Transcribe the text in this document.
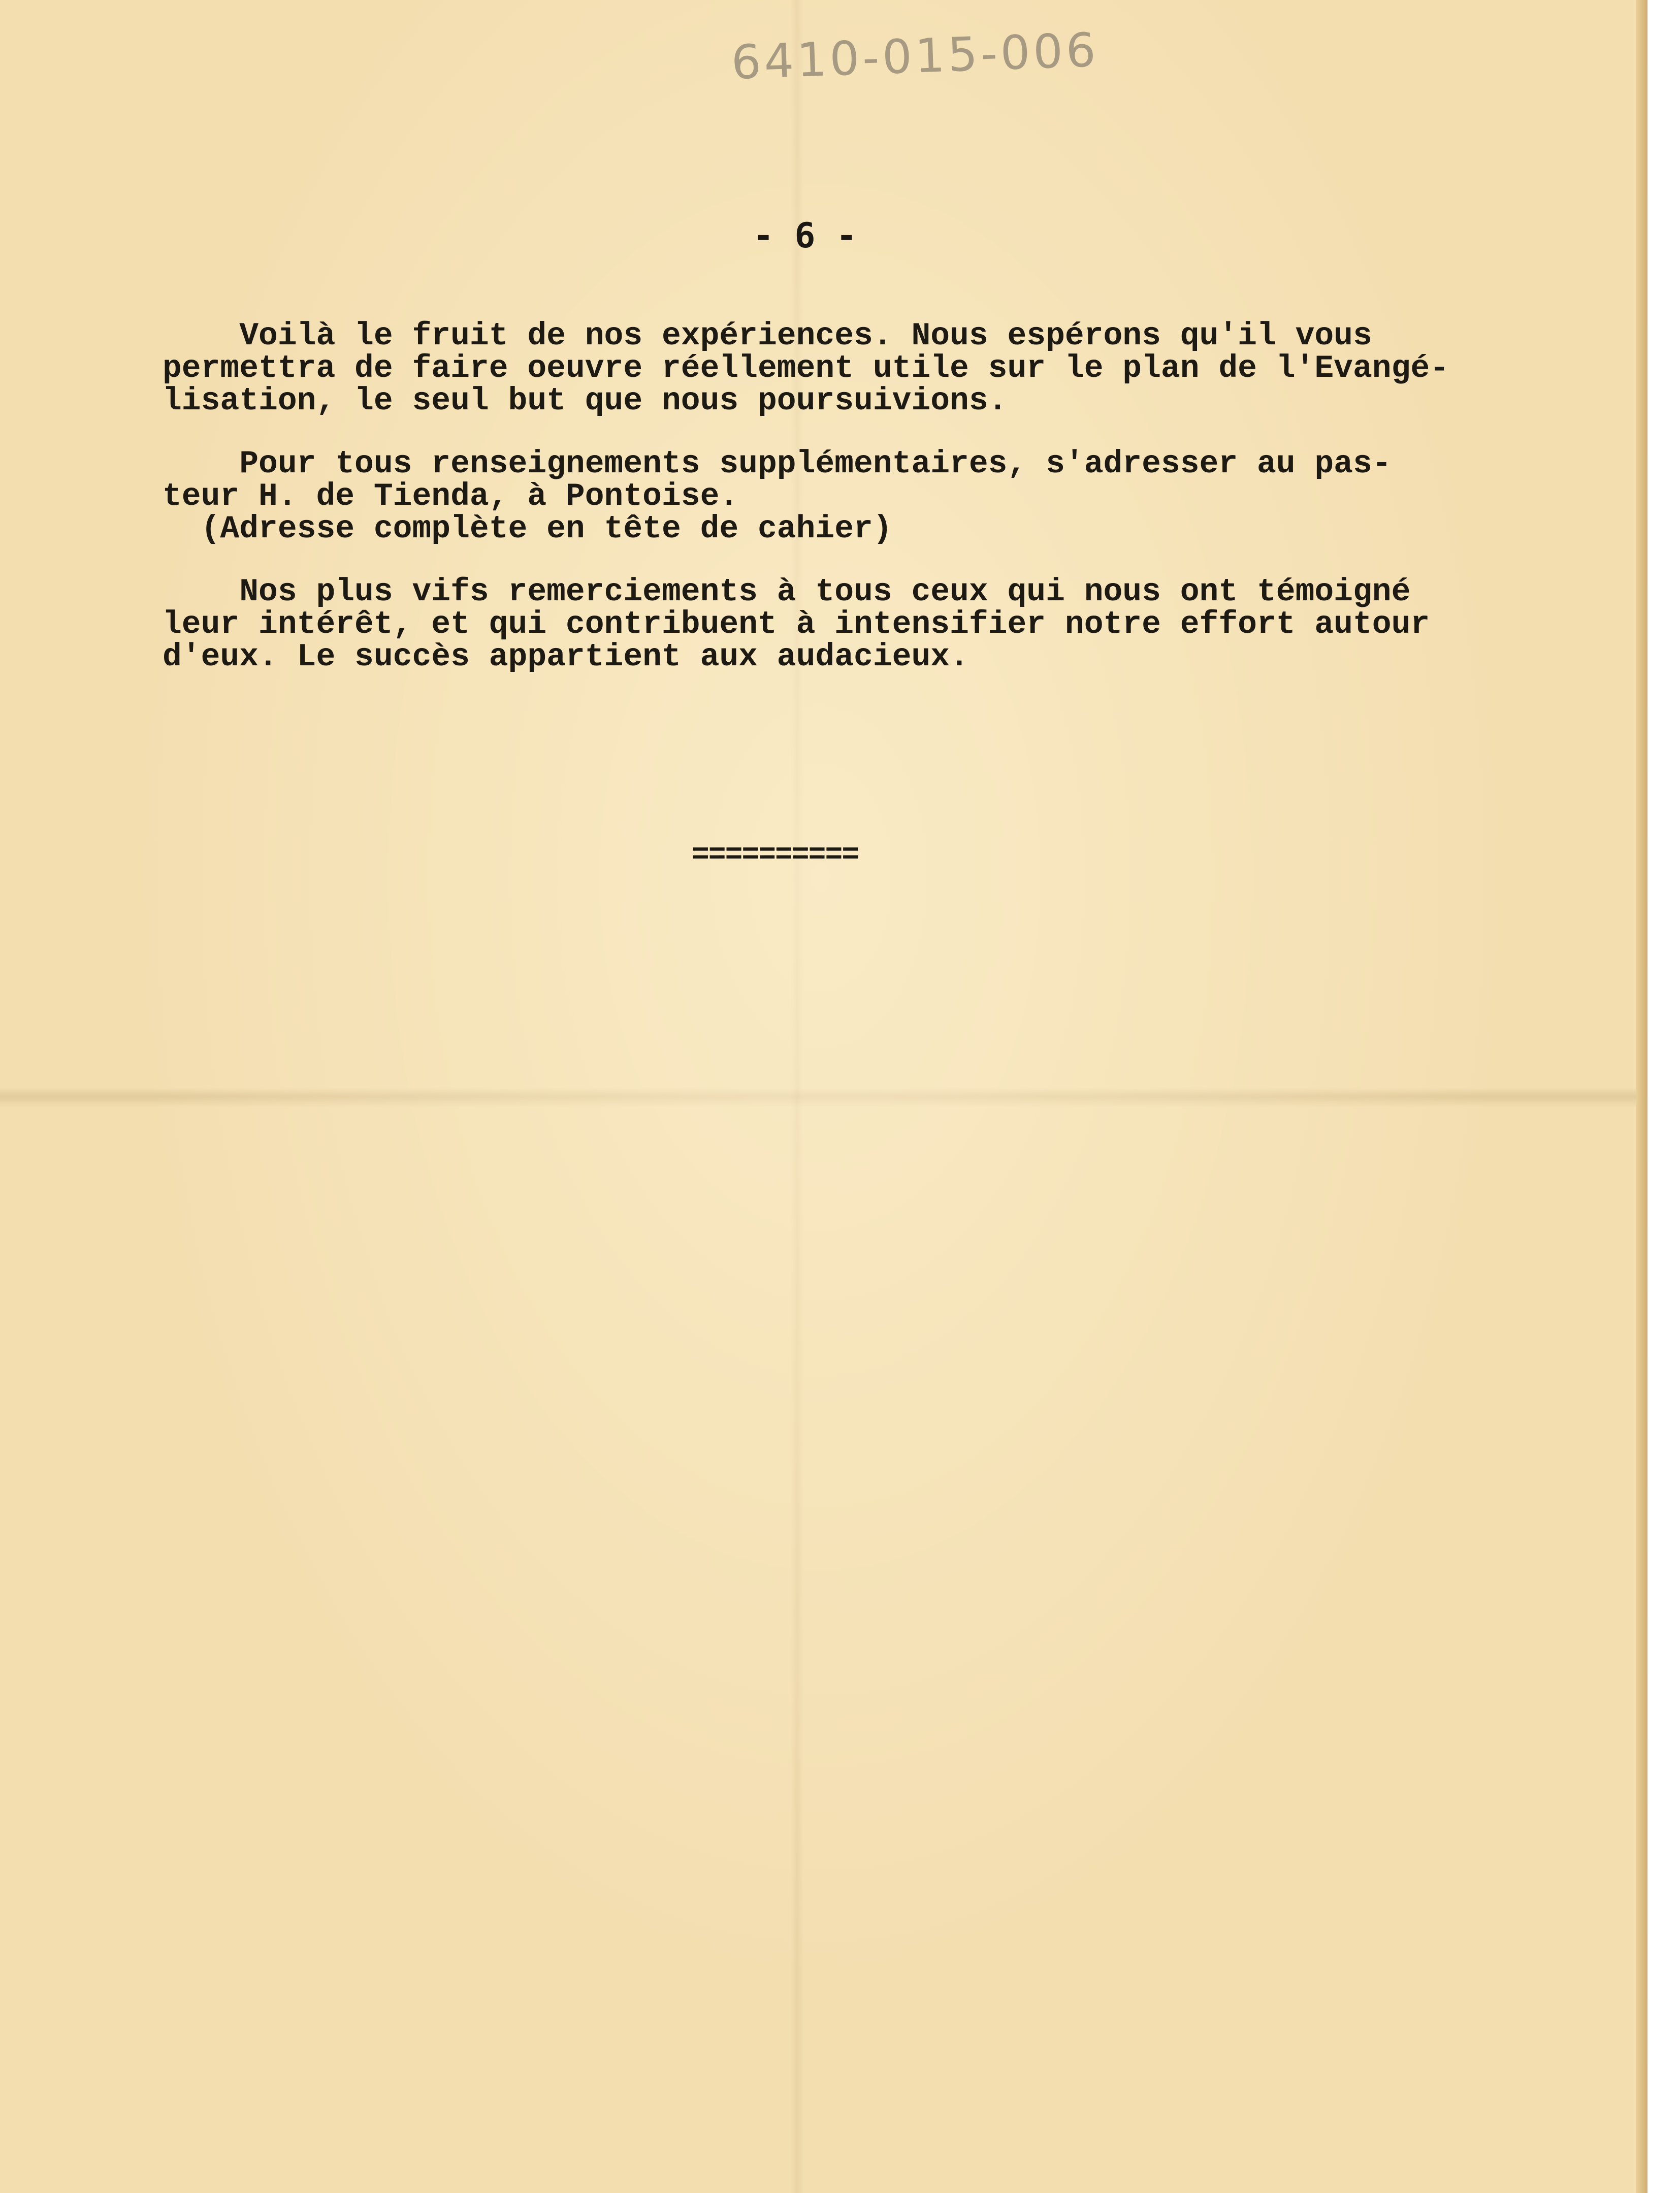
6410-015-006
- 6 -
Voilà le fruit de nos expériences. Nous espérons qu'il vous
permettra de faire oeuvre réellement utile sur le plan de l'Evangé-
lisation, le seul but que nous poursuivions.
Pour tous renseignements supplémentaires, s'adresser au pas-
teur H. de Tienda, à Pontoise.
(Adresse complète en tête de cahier)
Nos plus vifs remerciements à tous ceux qui nous ont témoigné
leur intérêt, et qui contribuent à intensifier notre effort autour
d'eux. Le succès appartient aux audacieux.
==========
